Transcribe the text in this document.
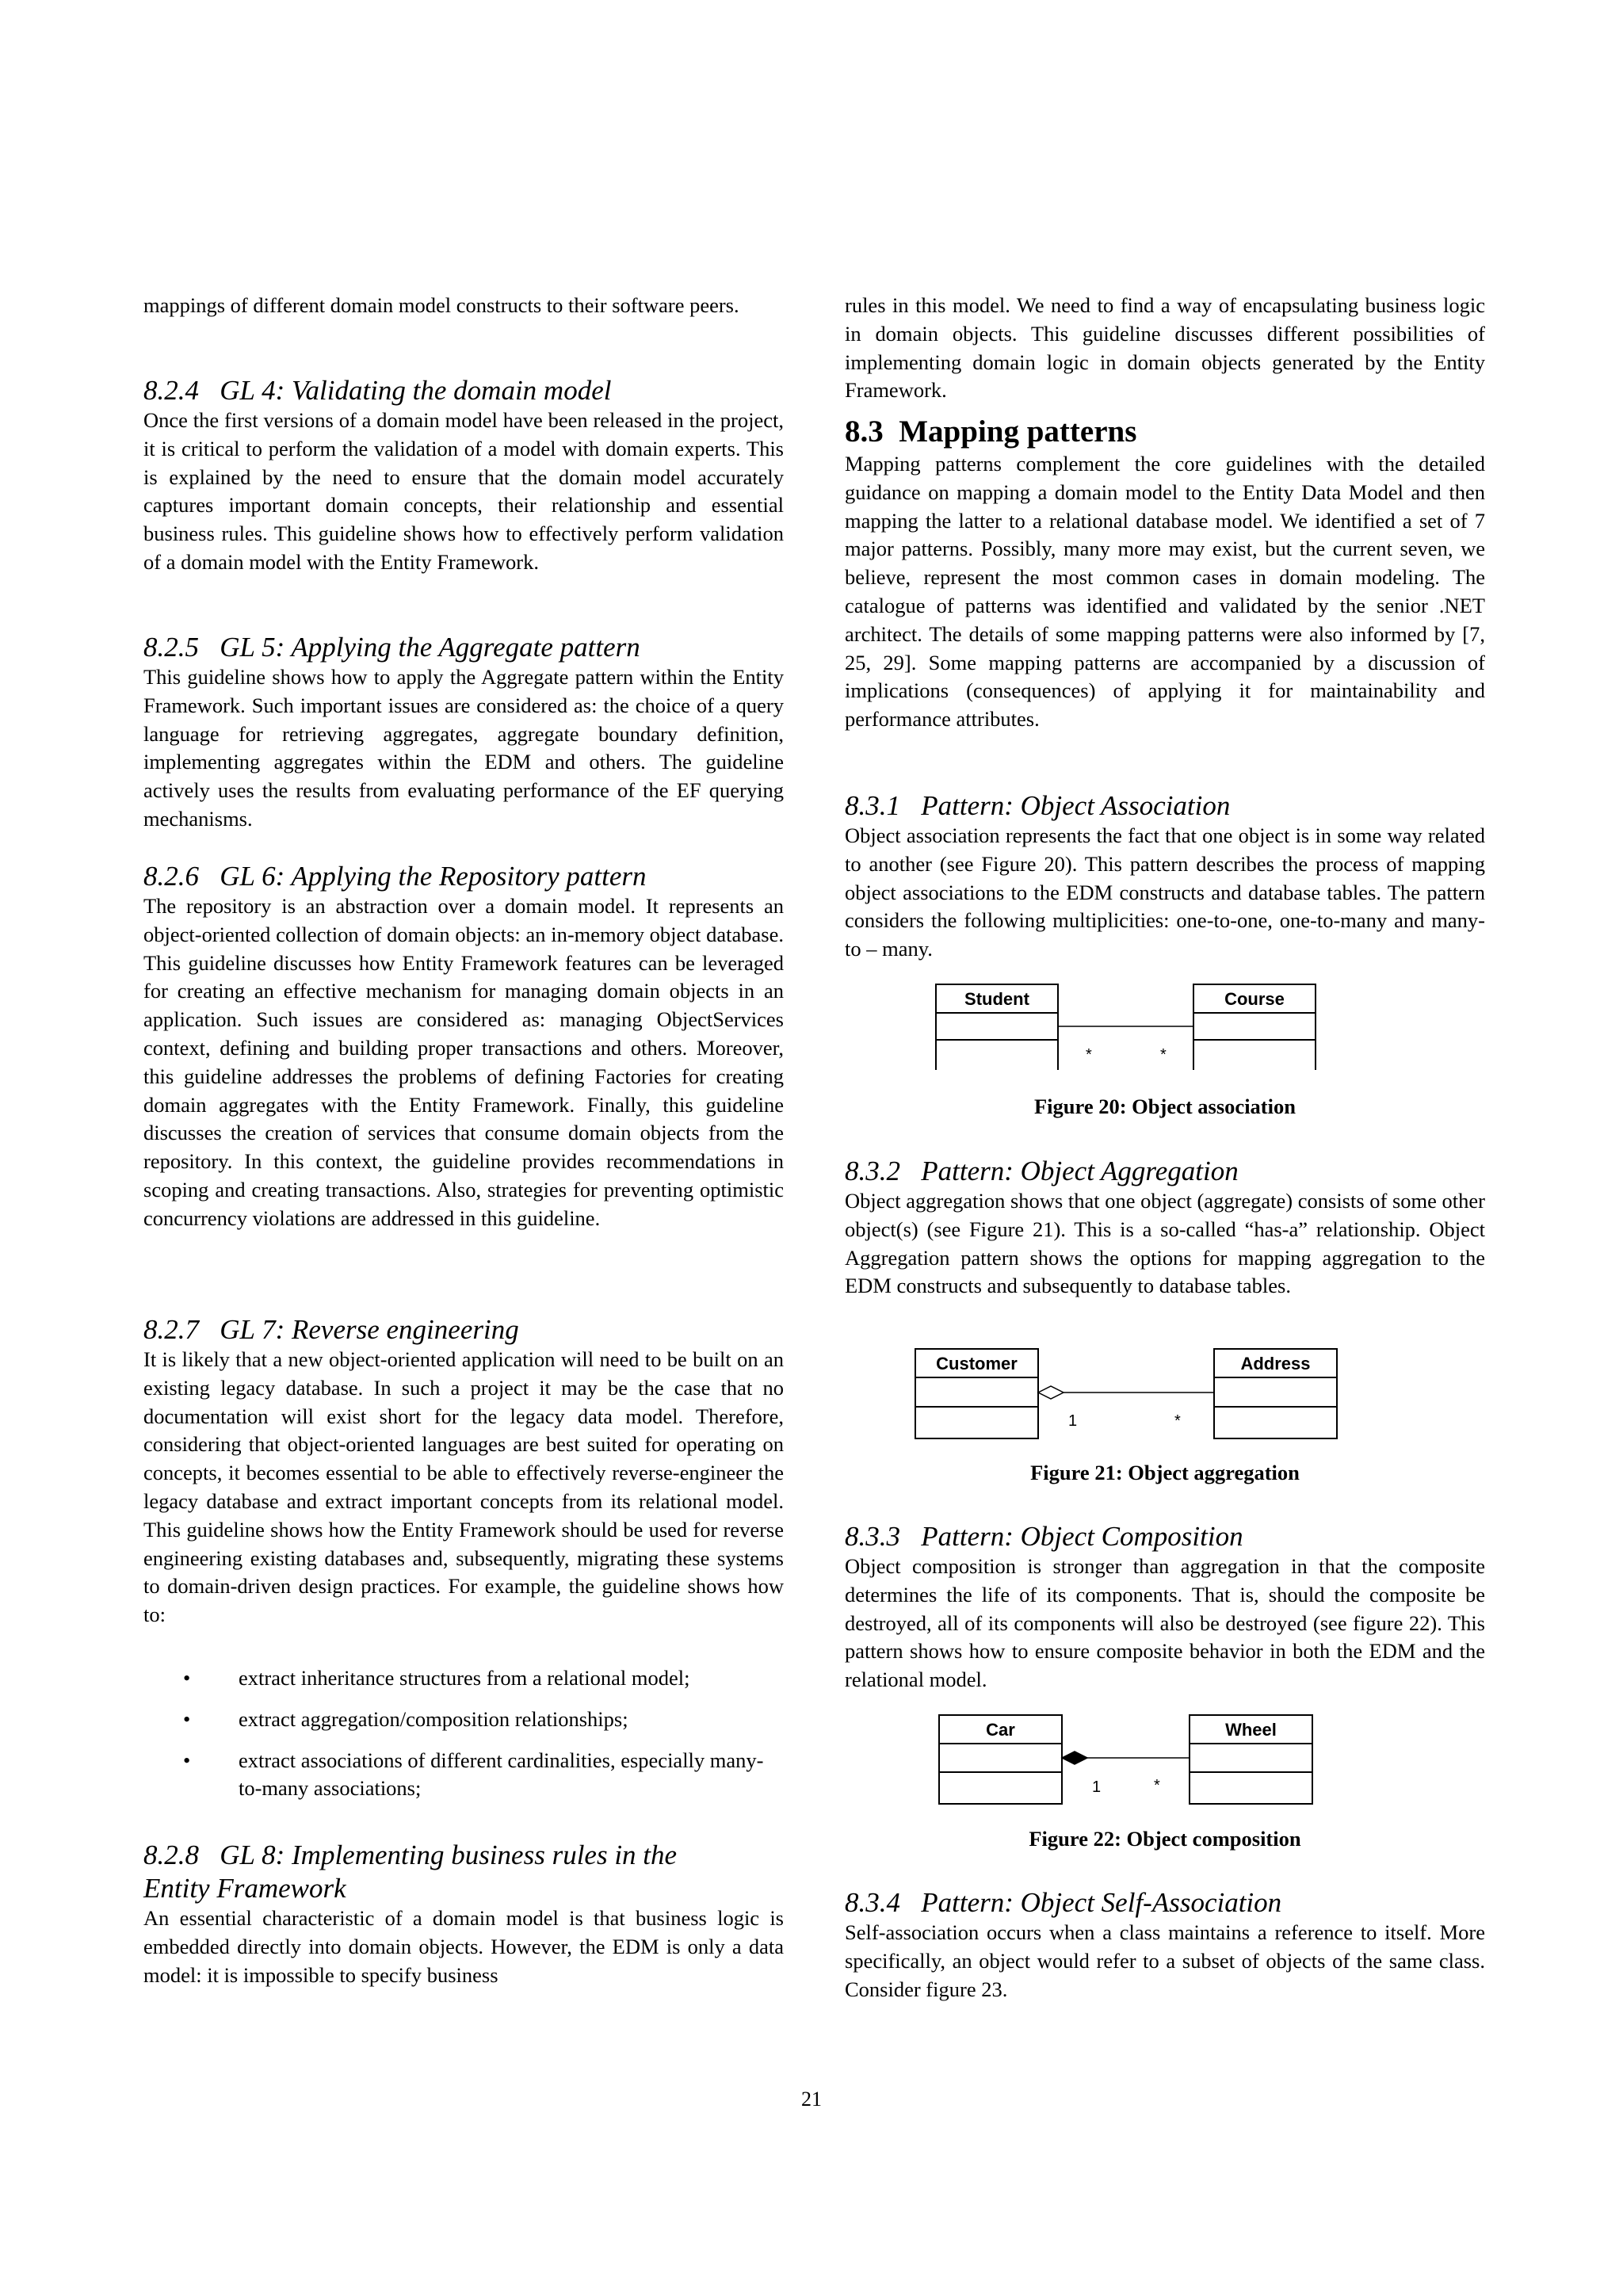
mappings of different domain model constructs to their software peers.

8.2.4 GL 4: Validating the domain model

Once the first versions of a domain model have been released in the project, it is critical to perform the validation of a model with domain experts. This is explained by the need to ensure that the domain model accurately captures important domain concepts, their relationship and essential business rules. This guideline shows how to effectively perform validation of a domain model with the Entity Framework.

8.2.5 GL 5: Applying the Aggregate pattern

This guideline shows how to apply the Aggregate pattern within the Entity Framework. Such important issues are considered as: the choice of a query language for retrieving aggregates, aggregate boundary definition, implementing aggregates within the EDM and others. The guideline actively uses the results from evaluating performance of the EF querying mechanisms.

8.2.6 GL 6: Applying the Repository pattern

The repository is an abstraction over a domain model. It represents an object-oriented collection of domain objects: an in-memory object database. This guideline discusses how Entity Framework features can be leveraged for creating an effective mechanism for managing domain objects in an application. Such issues are considered as: managing ObjectServices context, defining and building proper transactions and others. Moreover, this guideline addresses the problems of defining Factories for creating domain aggregates with the Entity Framework. Finally, this guideline discusses the creation of services that consume domain objects from the repository. In this context, the guideline provides recommendations in scoping and creating transactions. Also, strategies for preventing optimistic concurrency violations are addressed in this guideline.

8.2.7 GL 7: Reverse engineering

It is likely that a new object-oriented application will need to be built on an existing legacy database. In such a project it may be the case that no documentation will exist short for the legacy data model. Therefore, considering that object-oriented languages are best suited for operating on concepts, it becomes essential to be able to effectively reverse-engineer the legacy database and extract important concepts from its relational model. This guideline shows how the Entity Framework should be used for reverse engineering existing databases and, subsequently, migrating these systems to domain-driven design practices. For example, the guideline shows how to:

• extract inheritance structures from a relational model;
• extract aggregation/composition relationships;
• extract associations of different cardinalities, especially many-to-many associations;
8.2.8 GL 8: Implementing business rules in the
Entity Framework

An essential characteristic of a domain model is that business logic is embedded directly into domain objects. However, the EDM is only a data model: it is impossible to specify business

rules in this model. We need to find a way of encapsulating business logic in domain objects. This guideline discusses different possibilities of implementing domain logic in domain objects generated by the Entity Framework.

8.3 Mapping patterns

Mapping patterns complement the core guidelines with the detailed guidance on mapping a domain model to the Entity Data Model and then mapping the latter to a relational database model. We identified a set of 7 major patterns. Possibly, many more may exist, but the current seven, we believe, represent the most common cases in domain modeling. The catalogue of patterns was identified and validated by the senior .NET architect. The details of some mapping patterns were also informed by [7, 25, 29]. Some mapping patterns are accompanied by a discussion of implications (consequences) of applying it for maintainability and performance attributes.

8.3.1 Pattern: Object Association

Object association represents the fact that one object is in some way related to another (see Figure 20). This pattern describes the process of mapping object associations to the EDM constructs and database tables. The pattern considers the following multiplicities: one-to-one, one-to-many and many-to – many.

Student	Course
*	*
Figure 20: Object association
8.3.2 Pattern: Object Aggregation

Object aggregation shows that one object (aggregate) consists of some other object(s) (see Figure 21). This is a so-called “has-a” relationship. Object Aggregation pattern shows the options for mapping aggregation to the EDM constructs and subsequently to database tables.

Customer	Address
1	*
Figure 21: Object aggregation
8.3.3 Pattern: Object Composition

Object composition is stronger than aggregation in that the composite determines the life of its components. That is, should the composite be destroyed, all of its components will also be destroyed (see figure 22). This pattern shows how to ensure composite behavior in both the EDM and the relational model.

Car	Wheel
1	*
Figure 22: Object composition
8.3.4 Pattern: Object Self-Association

Self-association occurs when a class maintains a reference to itself. More specifically, an object would refer to a subset of objects of the same class. Consider figure 23.

21
